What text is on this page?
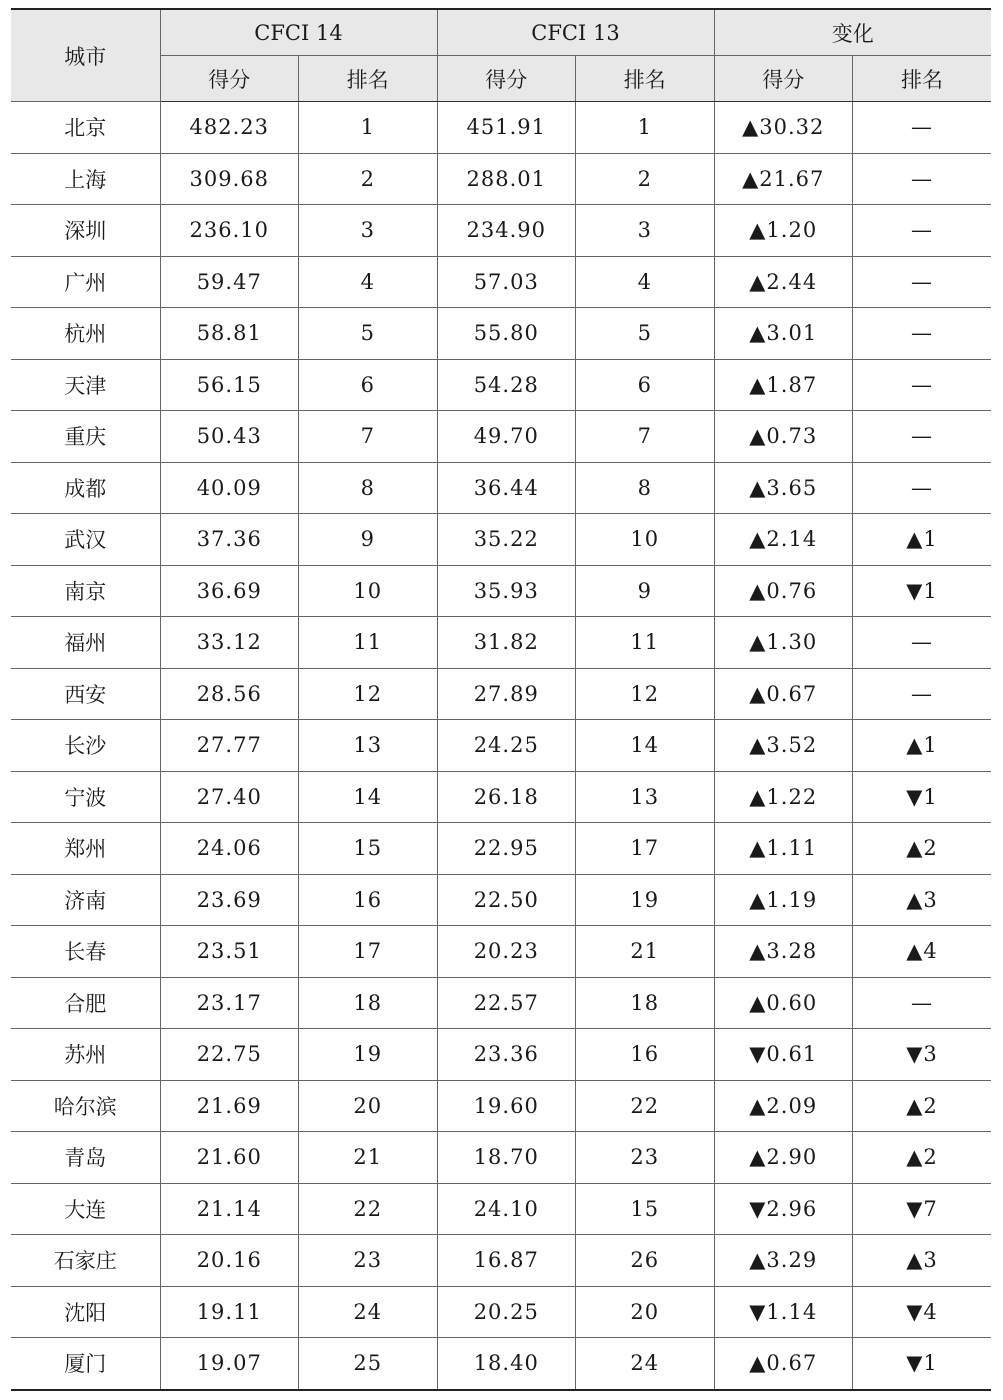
城市	CFCI 14		CFCI 13		变化	
	得分	排名	得分	排名	得分	排名
北京	482.23	1	451.91	1	▲30.32	—
上海	309.68	2	288.01	2	▲21.67	—
深圳	236.10	3	234.90	3	▲1.20	—
广州	59.47	4	57.03	4	▲2.44	—
杭州	58.81	5	55.80	5	▲3.01	—
天津	56.15	6	54.28	6	▲1.87	—
重庆	50.43	7	49.70	7	▲0.73	—
成都	40.09	8	36.44	8	▲3.65	—
武汉	37.36	9	35.22	10	▲2.14	▲1
南京	36.69	10	35.93	9	▲0.76	▼1
福州	33.12	11	31.82	11	▲1.30	—
西安	28.56	12	27.89	12	▲0.67	—
长沙	27.77	13	24.25	14	▲3.52	▲1
宁波	27.40	14	26.18	13	▲1.22	▼1
郑州	24.06	15	22.95	17	▲1.11	▲2
济南	23.69	16	22.50	19	▲1.19	▲3
长春	23.51	17	20.23	21	▲3.28	▲4
合肥	23.17	18	22.57	18	▲0.60	—
苏州	22.75	19	23.36	16	▼0.61	▼3
哈尔滨	21.69	20	19.60	22	▲2.09	▲2
青岛	21.60	21	18.70	23	▲2.90	▲2
大连	21.14	22	24.10	15	▼2.96	▼7
石家庄	20.16	23	16.87	26	▲3.29	▲3
沈阳	19.11	24	20.25	20	▼1.14	▼4
厦门	19.07	25	18.40	24	▲0.67	▼1
